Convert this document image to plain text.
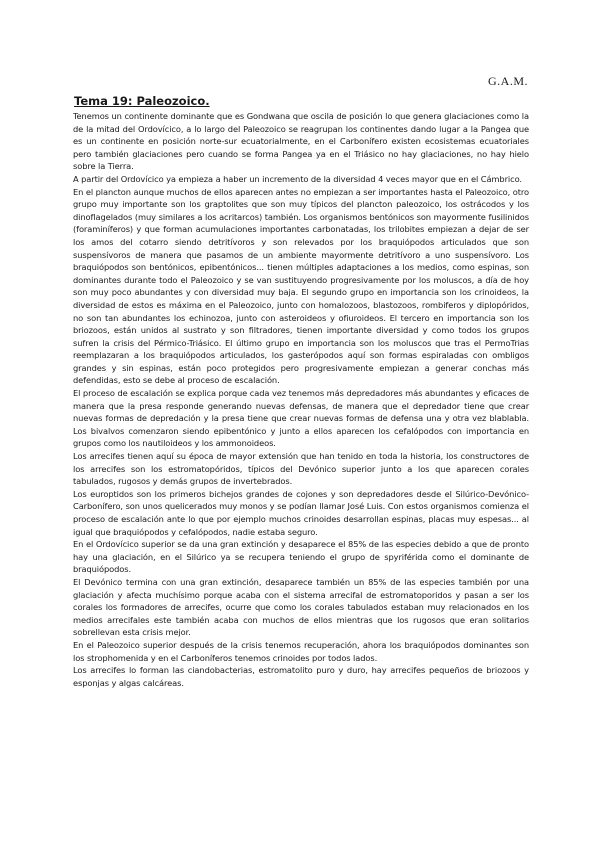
G.A.M.
Tema 19: Paleozoico.

Tenemos un continente dominante que es Gondwana que oscila de posición lo que genera glaciaciones como la de la mitad del Ordovícico, a lo largo del Paleozoico se reagrupan los continentes dando lugar a la Pangea que es un continente en posición norte-sur ecuatorialmente, en el Carbonífero existen ecosistemas ecuatoriales pero también glaciaciones pero cuando se forma Pangea ya en el Triásico no hay glaciaciones, no hay hielo sobre la Tierra.

A partir del Ordovícico ya empieza a haber un incremento de la diversidad 4 veces mayor que en el Cámbrico.

En el plancton aunque muchos de ellos aparecen antes no empiezan a ser importantes hasta el Paleozoico, otro grupo muy importante son los graptolites que son muy típicos del plancton paleozoico, los ostrácodos y los dinoflagelados (muy similares a los acritarcos) también. Los organismos bentónicos son mayormente fusilinidos (foraminíferos) y que forman acumulaciones importantes carbonatadas, los trilobites empiezan a dejar de ser los amos del cotarro siendo detritívoros y son relevados por los braquiópodos articulados que son suspensívoros de manera que pasamos de un ambiente mayormente detritívoro a uno suspensívoro. Los braquiópodos son bentónicos, epibentónicos... tienen múltiples adaptaciones a los medios, como espinas, son dominantes durante todo el Paleozoico y se van sustituyendo progresivamente por los moluscos, a día de hoy son muy poco abundantes y con diversidad muy baja. El segundo grupo en importancia son los crinoideos, la diversidad de estos es máxima en el Paleozoico, junto con homalozoos, blastozoos, rombiferos y diplopóridos, no son tan abundantes los echinozoa, junto con asteroideos y ofiuroideos. El tercero en importancia son los briozoos, están unidos al sustrato y son filtradores, tienen importante diversidad y como todos los grupos sufren la crisis del Pérmico-Triásico. El último grupo en importancia son los moluscos que tras el PermoTrias reemplazaran a los braquiópodos articulados, los gasterópodos aquí son formas espiraladas con ombligos grandes y sin espinas, están poco protegidos pero progresivamente empiezan a generar conchas más defendidas, esto se debe al proceso de escalación.

El proceso de escalación se explica porque cada vez tenemos más depredadores más abundantes y eficaces de manera que la presa responde generando nuevas defensas, de manera que el depredador tiene que crear nuevas formas de depredación y la presa tiene que crear nuevas formas de defensa una y otra vez blablabla. Los bivalvos comenzaron siendo epibentónico y junto a ellos aparecen los cefalópodos con importancia en grupos como los nautiloideos y los ammonoideos.

Los arrecifes tienen aquí su época de mayor extensión que han tenido en toda la historia, los constructores de los arrecifes son los estromatopóridos, típicos del Devónico superior junto a los que aparecen corales tabulados, rugosos y demás grupos de invertebrados.

Los europtidos son los primeros bichejos grandes de cojones y son depredadores desde el Silúrico-Devónico-Carbonífero, son unos quelicerados muy monos y se podían llamar José Luis. Con estos organismos comienza el proceso de escalación ante lo que por ejemplo muchos crinoides desarrollan espinas, placas muy espesas... al igual que braquiópodos y cefalópodos, nadie estaba seguro.

En el Ordovícico superior se da una gran extinción y desaparece el 85% de las especies debido a que de pronto hay una glaciación, en el Silúrico ya se recupera teniendo el grupo de spyriférida como el dominante de braquiópodos.

El Devónico termina con una gran extinción, desaparece también un 85% de las especies también por una glaciación y afecta muchísimo porque acaba con el sistema arrecifal de estromatoporidos y pasan a ser los corales los formadores de arrecifes, ocurre que como los corales tabulados estaban muy relacionados en los medios arrecifales este también acaba con muchos de ellos mientras que los rugosos que eran solitarios sobrellevan esta crisis mejor.

En el Paleozoico superior después de la crisis tenemos recuperación, ahora los braquiópodos dominantes son los strophomenida y en el Carboníferos tenemos crinoides por todos lados.

Los arrecifes lo forman las ciandobacterias, estromatolito puro y duro, hay arrecifes pequeños de briozoos y esponjas y algas calcáreas.
